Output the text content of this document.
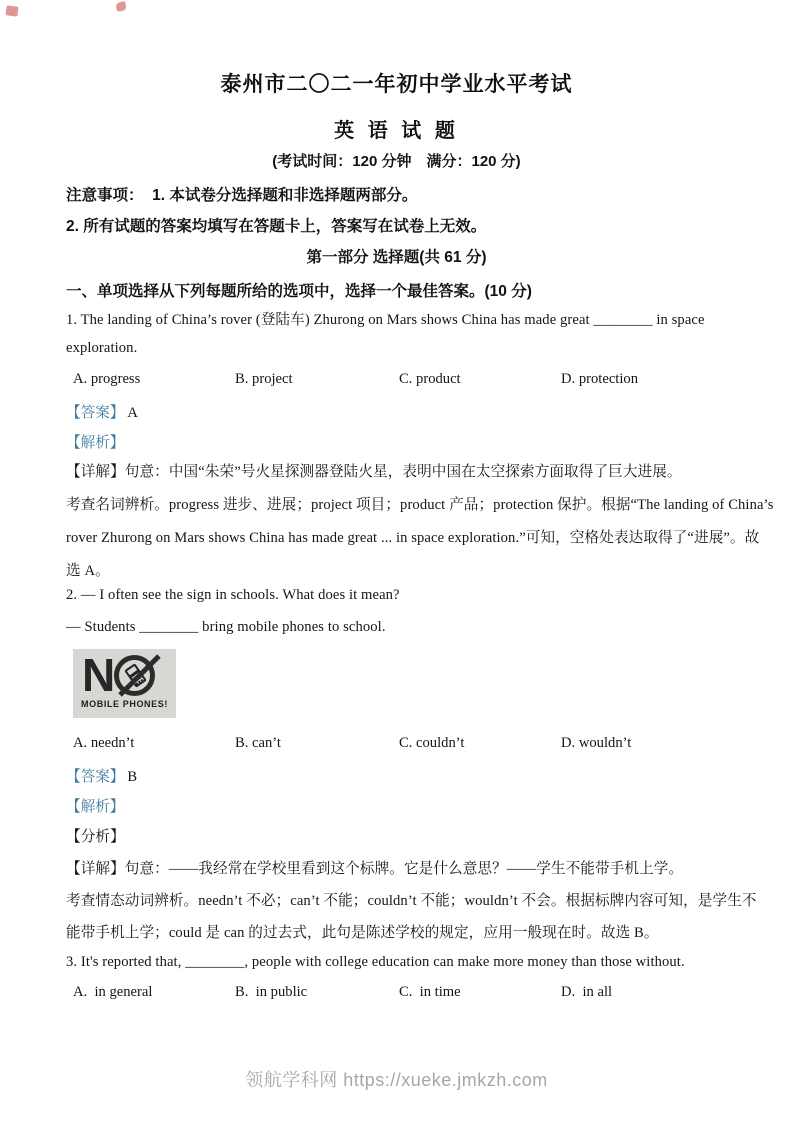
泰州市二〇二一年初中学业水平考试
英 语 试 题
(考试时间：120 分钟　满分：120 分)
注意事项：  1. 本试卷分选择题和非选择题两部分。
2. 所有试题的答案均填写在答题卡上，答案写在试卷上无效。
第一部分 选择题(共 61 分)
一、单项选择从下列每题所给的选项中，选择一个最佳答案。(10 分)
1. The landing of China’s rover (登陆车) Zhurong on Mars shows China has made great ________ in space
exploration.
A. progress	B. project	C. product	D. protection
【答案】 A
【解析】
【详解】句意：中国“朱荣”号火星探测器登陆火星，表明中国在太空探索方面取得了巨大进展。
考查名词辨析。progress 进步、进展；project 项目；product 产品；protection 保护。根据“The landing of China’s
rover Zhurong on Mars shows China has made great ... in space exploration.”可知，空格处表达取得了“进展”。故
选 A。
2. — I often see the sign in schools. What does it mean?
— Students ________ bring mobile phones to school.
N
MOBILE PHONES!
A. needn’t	B. can’t	C. couldn’t	D. wouldn’t
【答案】 B
【解析】
【分析】
【详解】句意：——我经常在学校里看到这个标牌。它是什么意思？——学生不能带手机上学。
考查情态动词辨析。needn’t 不必；can’t 不能；couldn’t 不能；wouldn’t 不会。根据标牌内容可知，是学生不
能带手机上学；could 是 can 的过去式，此句是陈述学校的规定，应用一般现在时。故选 B。
3. It's reported that, ________, people with college education can make more money than those without.
A.  in general	B.  in public	C.  in time	D.  in all
领航学科网 https://xueke.jmkzh.com
